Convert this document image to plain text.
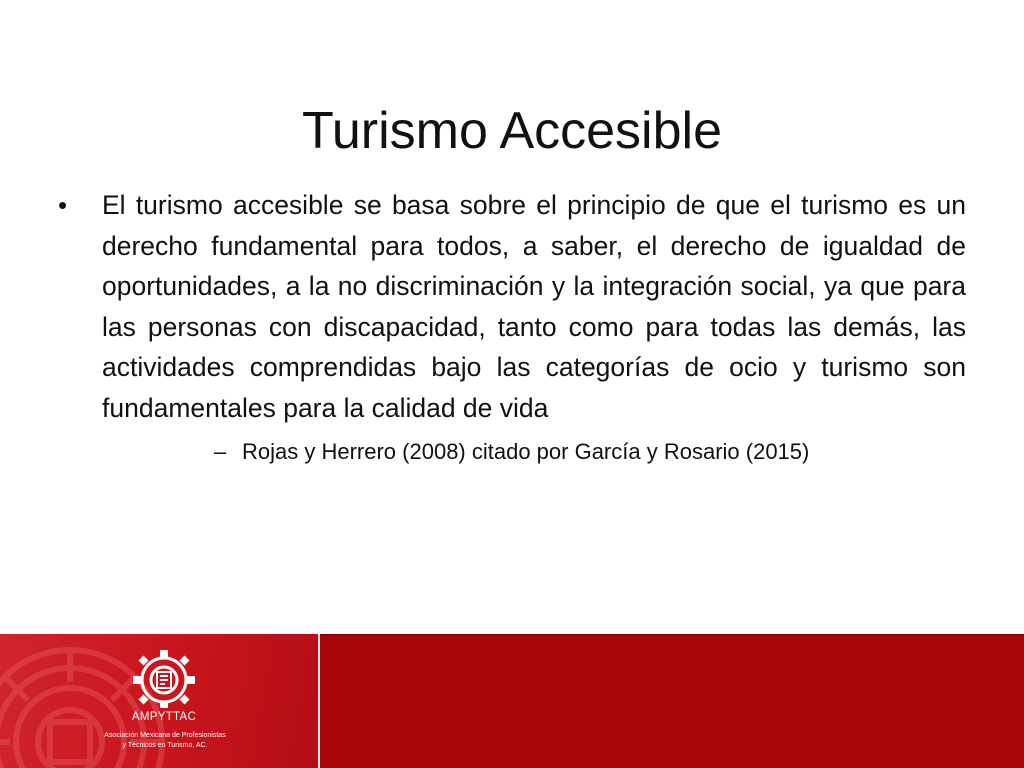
Turismo Accesible
• El turismo accesible se basa sobre el principio de que el turismo es un derecho fundamental para todos, a saber, el derecho de igualdad de oportunidades, a la no discriminación y la integración social, ya que para las personas con discapacidad, tanto como para todas las demás, las actividades comprendidas bajo las categorías de ocio y turismo son fundamentales para la calidad de vida

– Rojas y Herrero (2008) citado por García y Rosario (2015)
AMPYTTAC
Asociación Mexicana de Profesionistas
y Técnicos en Turismo, AC.
